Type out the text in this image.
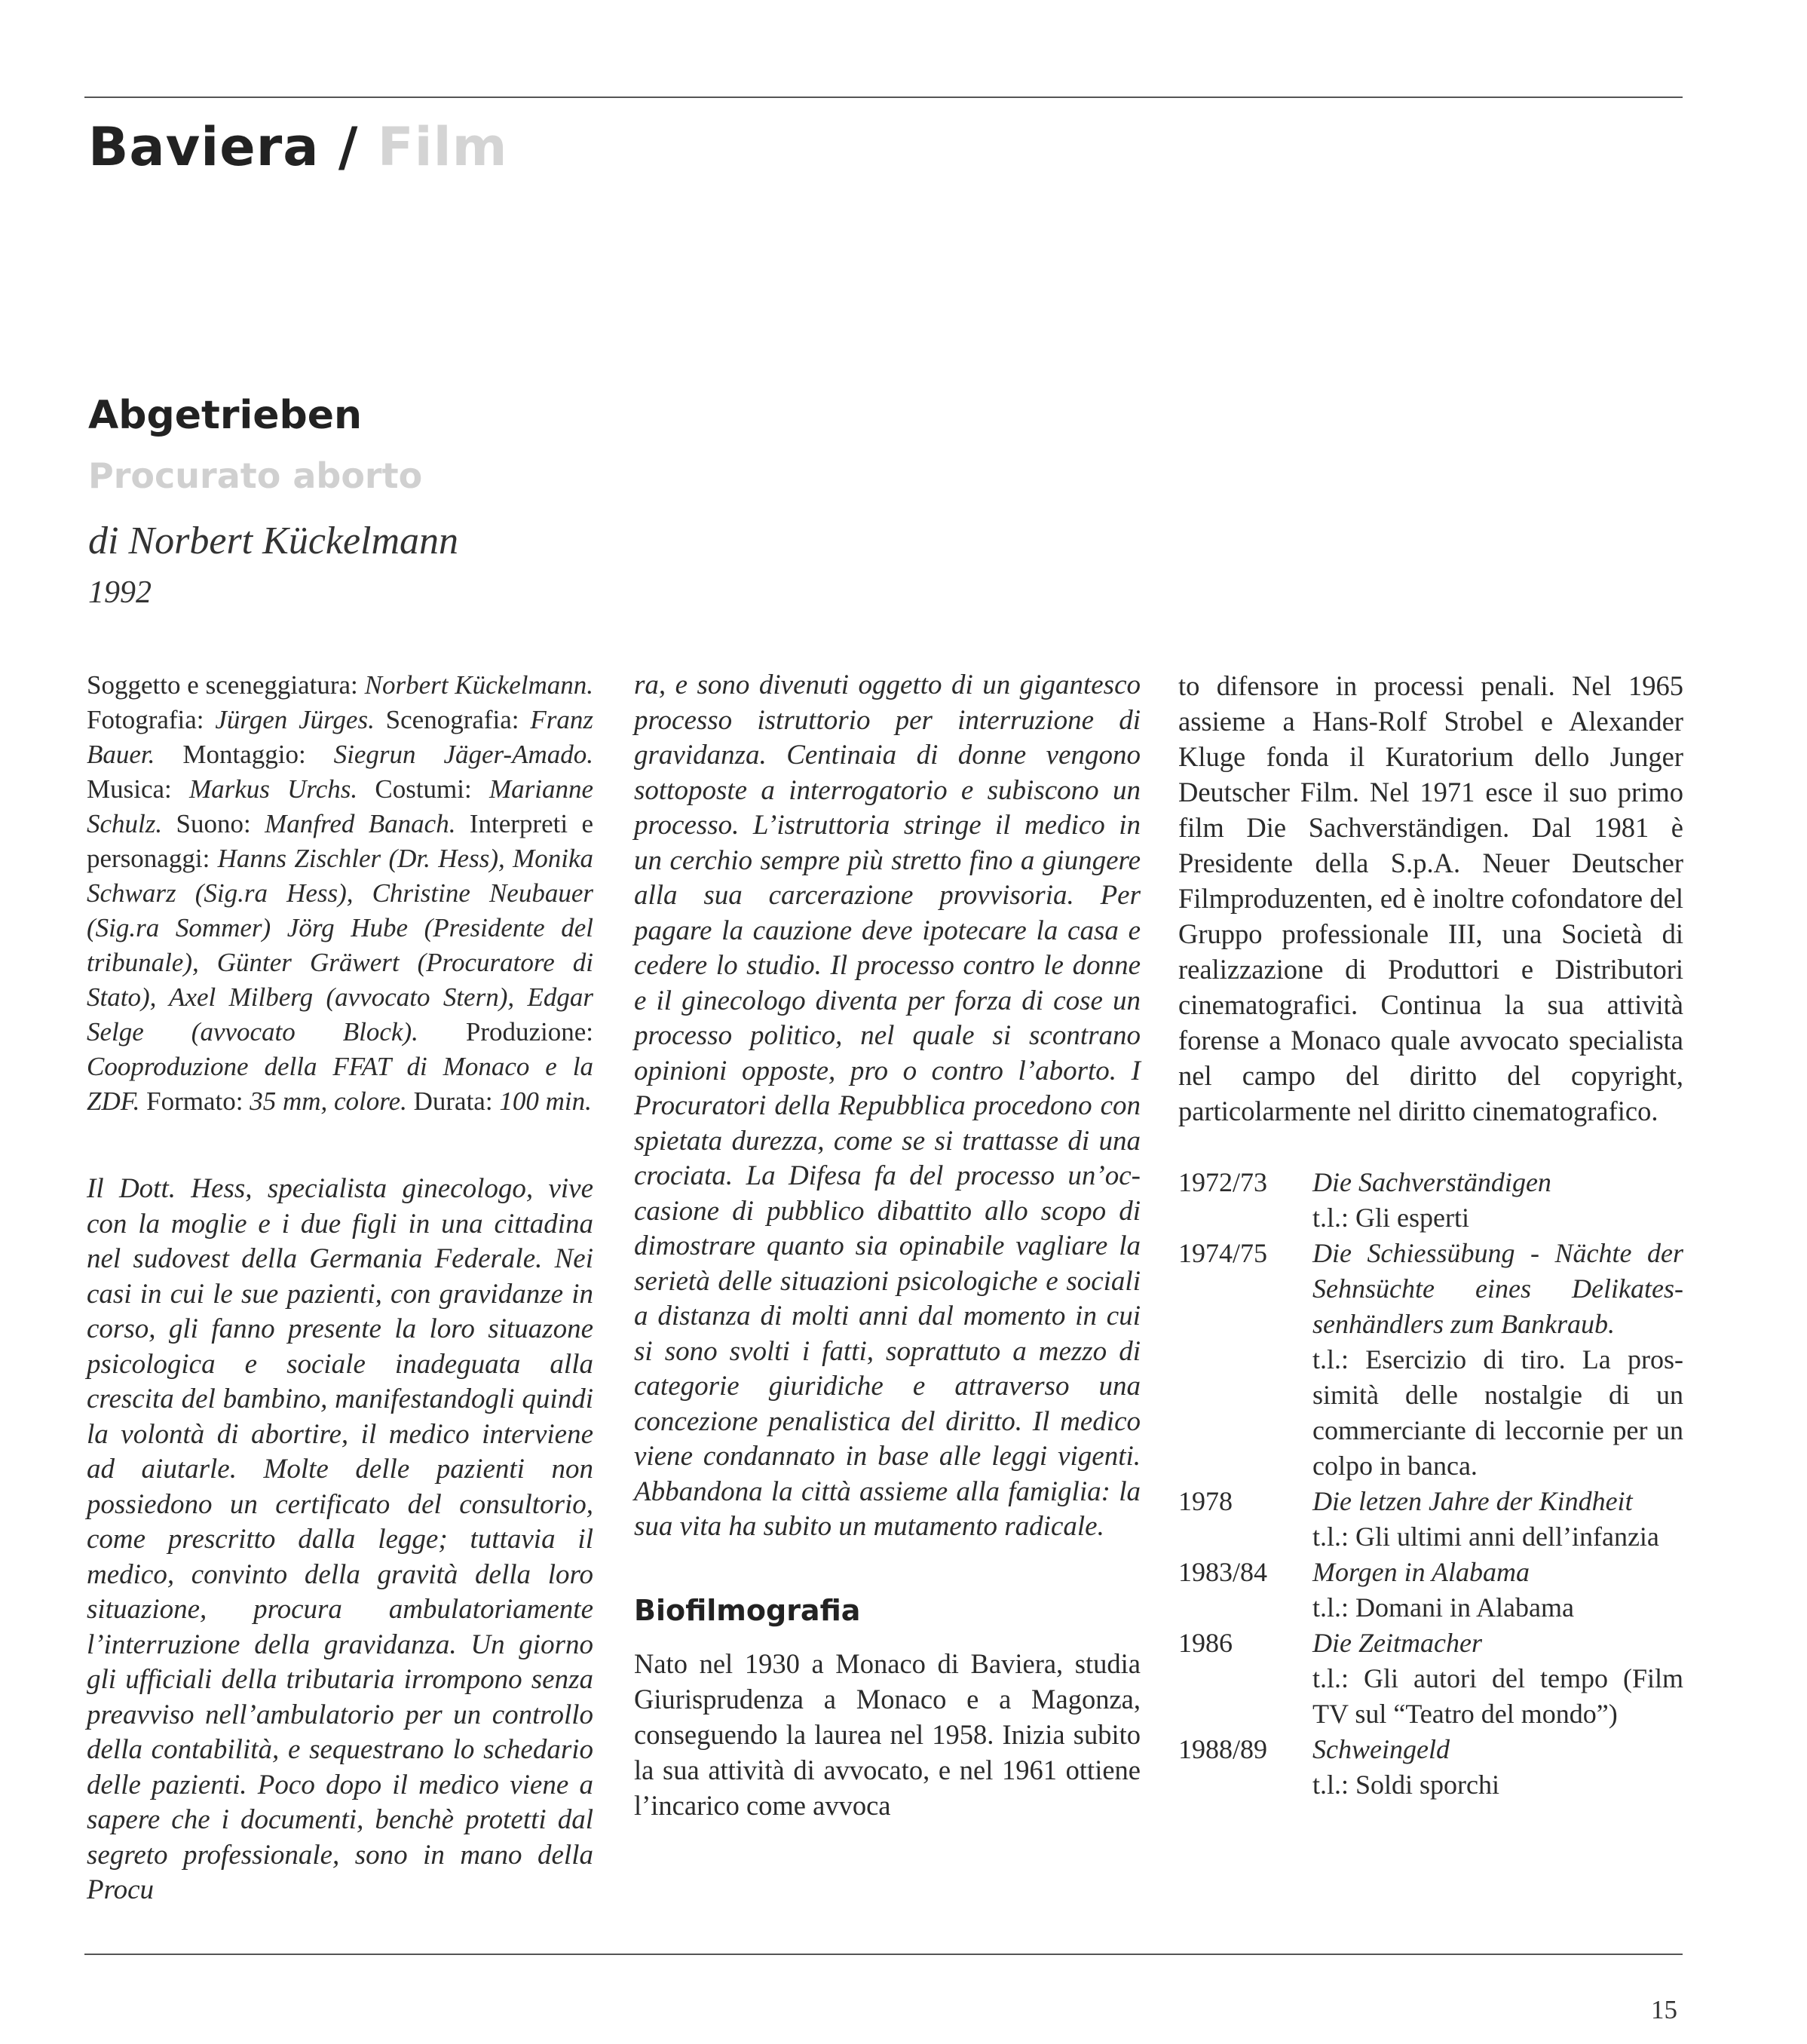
Baviera / Film
Abgetrieben
Procurato aborto
di Norbert Kückelmann
1992

Soggetto e sceneggiatura: Norbert Kückelmann. Fotografia: Jürgen Jürges. Scenografia: Franz Bauer. Montaggio: Siegrun Jäger-Amado. Musica: Markus Urchs. Costumi: Marianne Schulz. Suono: Manfred Banach. Interpreti e personaggi: Hanns Zischler (Dr. Hess), Monika Schwarz (Sig.ra Hess), Christine Neubauer (Sig.ra Sommer) Jörg Hube (Presidente del tribunale), Günter Gräwert (Procuratore di Stato), Axel Milberg (avvocato Stern), Edgar Selge (avvocato Block). Produzione: Cooproduzione della FFAT di Monaco e la ZDF. Formato: 35 mm, colore. Durata: 100 min.

Il Dott. Hess, specialista ginecologo, vive con la moglie e i due figli in una cittadina nel sudovest della Germania Federale. Nei casi in cui le sue pazienti, con gravidanze in corso, gli fanno presente la loro situazone psicologica e sociale inadeguata alla crescita del bambino, manifestandogli quindi la volontà di abortire, il medico interviene ad aiutarle. Molte delle pazienti non possiedono un certificato del consultorio, come prescritto dalla legge; tuttavia il medico, convinto della gravità della loro situazione, procura ambulatoriamente l’interruzione della gravidanza. Un giorno gli ufficiali della tributaria irrompono senza preavviso nell’ambulatorio per un controllo della contabilità, e sequestrano lo schedario delle pazienti. Poco dopo il medico viene a sapere che i documenti, benchè protetti dal segreto professionale, sono in mano della Procu

ra, e sono divenuti oggetto di un gigantesco processo istruttorio per interruzione di gravidanza. Centinaia di donne vengono sottoposte a interrogatorio e subiscono un processo. L’istruttoria stringe il medico in un cerchio sempre più stretto fino a giungere alla sua carcerazione provvisoria. Per pagare la cauzione deve ipotecare la casa e cedere lo studio. Il processo contro le donne e il ginecologo diventa per forza di cose un processo politico, nel quale si scontrano opinioni opposte, pro o contro l’aborto. I Procuratori della Repubblica procedono con spietata durezza, come se si trattasse di una crociata. La Difesa fa del processo un’occasione di pubblico dibattito allo scopo di dimostrare quanto sia opinabile vagliare la serietà delle situazioni psicologiche e sociali a distanza di molti anni dal momento in cui si sono svolti i fatti, soprattuto a mezzo di categorie giuridiche e attraverso una concezione penalistica del diritto. Il medico viene condannato in base alle leggi vigenti. Abbandona la città assieme alla famiglia: la sua vita ha subito un mutamento radicale.

Biofilmografia

Nato nel 1930 a Monaco di Baviera, studia Giurisprudenza a Monaco e a Magonza, conseguendo la laurea nel 1958. Inizia subito la sua attività di avvocato, e nel 1961 ottiene l’incarico come avvoca

to difensore in processi penali. Nel 1965 assieme a Hans-Rolf Strobel e Alexander Kluge fonda il Kuratorium dello Junger Deutscher Film. Nel 1971 esce il suo primo film Die Sachverständigen. Dal 1981 è Presidente della S.p.A. Neuer Deutscher Filmproduzenten, ed è inoltre cofondatore del Gruppo professionale III, una Società di realizzazione di Produttori e Distributori cinematografici. Continua la sua attività forense a Monaco quale avvocato specialista nel campo del diritto del copyright, particolarmente nel diritto cinematografico.

1972/73	Die Sachverständigen
t.l.: Gli esperti
1974/75	Die Schiessübung - Nächte der Sehnsüchte eines Delikatessenhändlers zum Bankraub.
t.l.: Esercizio di tiro. La prossimità delle nostalgie di un commerciante di leccornie per un colpo in banca.
1978	Die letzen Jahre der Kindheit
t.l.: Gli ultimi anni dell’infanzia
1983/84	Morgen in Alabama
t.l.: Domani in Alabama
1986	Die Zeitmacher
t.l.: Gli autori del tempo (Film TV sul “Teatro del mondo”)
1988/89	Schweingeld
t.l.: Soldi sporchi
15
